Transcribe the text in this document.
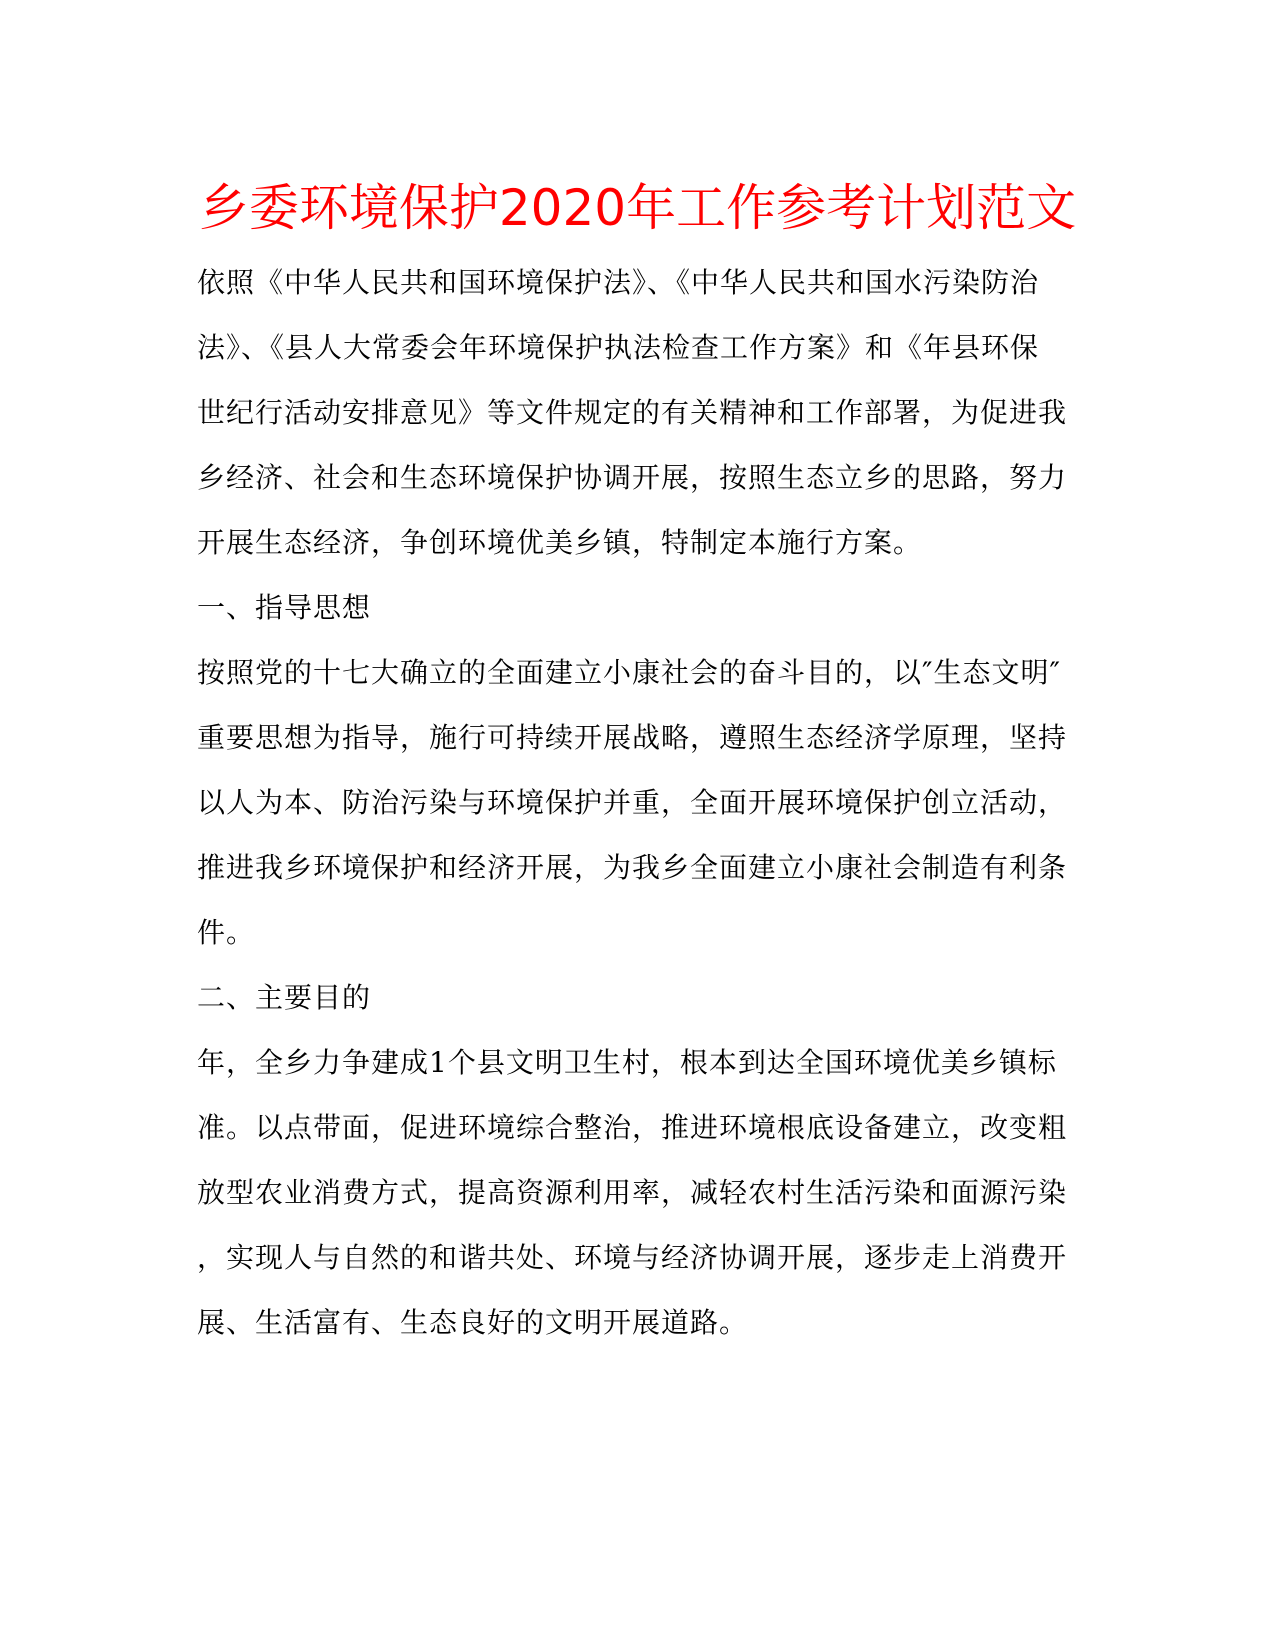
乡委环境保护2020年工作参考计划范文
依照《中华人民共和国环境保护法》、《中华人民共和国水污染防治
法》、《县人大常委会年环境保护执法检查工作方案》和《年县环保
世纪行活动安排意见》等文件规定的有关精神和工作部署，为促进我
乡经济、社会和生态环境保护协调开展，按照生态立乡的思路，努力
开展生态经济，争创环境优美乡镇，特制定本施行方案。
一、指导思想
按照党的十七大确立的全面建立小康社会的奋斗目的，以″生态文明″
重要思想为指导，施行可持续开展战略，遵照生态经济学原理，坚持
以人为本、防治污染与环境保护并重，全面开展环境保护创立活动，
推进我乡环境保护和经济开展，为我乡全面建立小康社会制造有利条
件。
二、主要目的
年，全乡力争建成1个县文明卫生村，根本到达全国环境优美乡镇标
准。以点带面，促进环境综合整治，推进环境根底设备建立，改变粗
放型农业消费方式，提高资源利用率，减轻农村生活污染和面源污染
，实现人与自然的和谐共处、环境与经济协调开展，逐步走上消费开
展、生活富有、生态良好的文明开展道路。
